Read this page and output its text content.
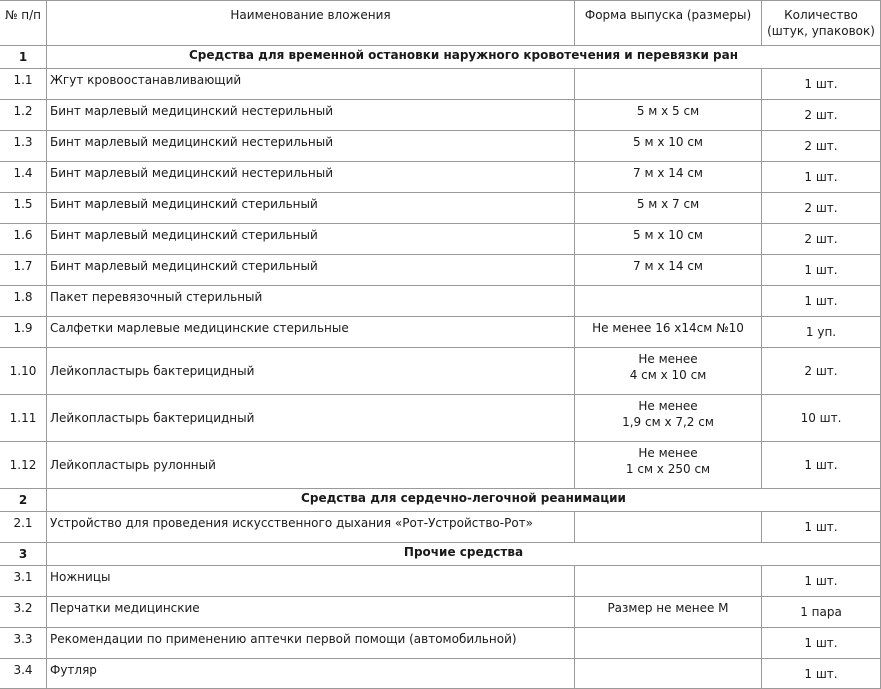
№ п/п	Наименование вложения	Форма выпуска (размеры)	Количество
(штук, упаковок)

1	Средства для временной остановки наружного кровотечения и перевязки ран		
1.1	Жгут кровоостанавливающий		1 шт.
1.2	Бинт марлевый медицинский нестерильный	5 м х 5 см	2 шт.
1.3	Бинт марлевый медицинский нестерильный	5 м х 10 см	2 шт.
1.4	Бинт марлевый медицинский нестерильный	7 м х 14 см	1 шт.
1.5	Бинт марлевый медицинский стерильный	5 м х 7 см	2 шт.
1.6	Бинт марлевый медицинский стерильный	5 м х 10 см	2 шт.
1.7	Бинт марлевый медицинский стерильный	7 м х 14 см	1 шт.
1.8	Пакет перевязочный стерильный		1 шт.
1.9	Салфетки марлевые медицинские стерильные	Не менее 16 х14см №10	1 уп.
1.10	Лейкопластырь бактерицидный	Не менее
4 см х 10 см	2 шт.
1.11	Лейкопластырь бактерицидный	Не менее
1,9 см х 7,2 см	10 шт.
1.12	Лейкопластырь рулонный	Не менее
1 см х 250 см	1 шт.
2	Средства для сердечно-легочной реанимации		
2.1	Устройство для проведения искусственного дыхания «Рот-Устройство-Рот»		1 шт.
3	Прочие средства		
3.1	Ножницы		1 шт.
3.2	Перчатки медицинские	Размер не менее М	1 пара
3.3	Рекомендации по применению аптечки первой помощи (автомобильной)		1 шт.
3.4	Футляр		1 шт.
